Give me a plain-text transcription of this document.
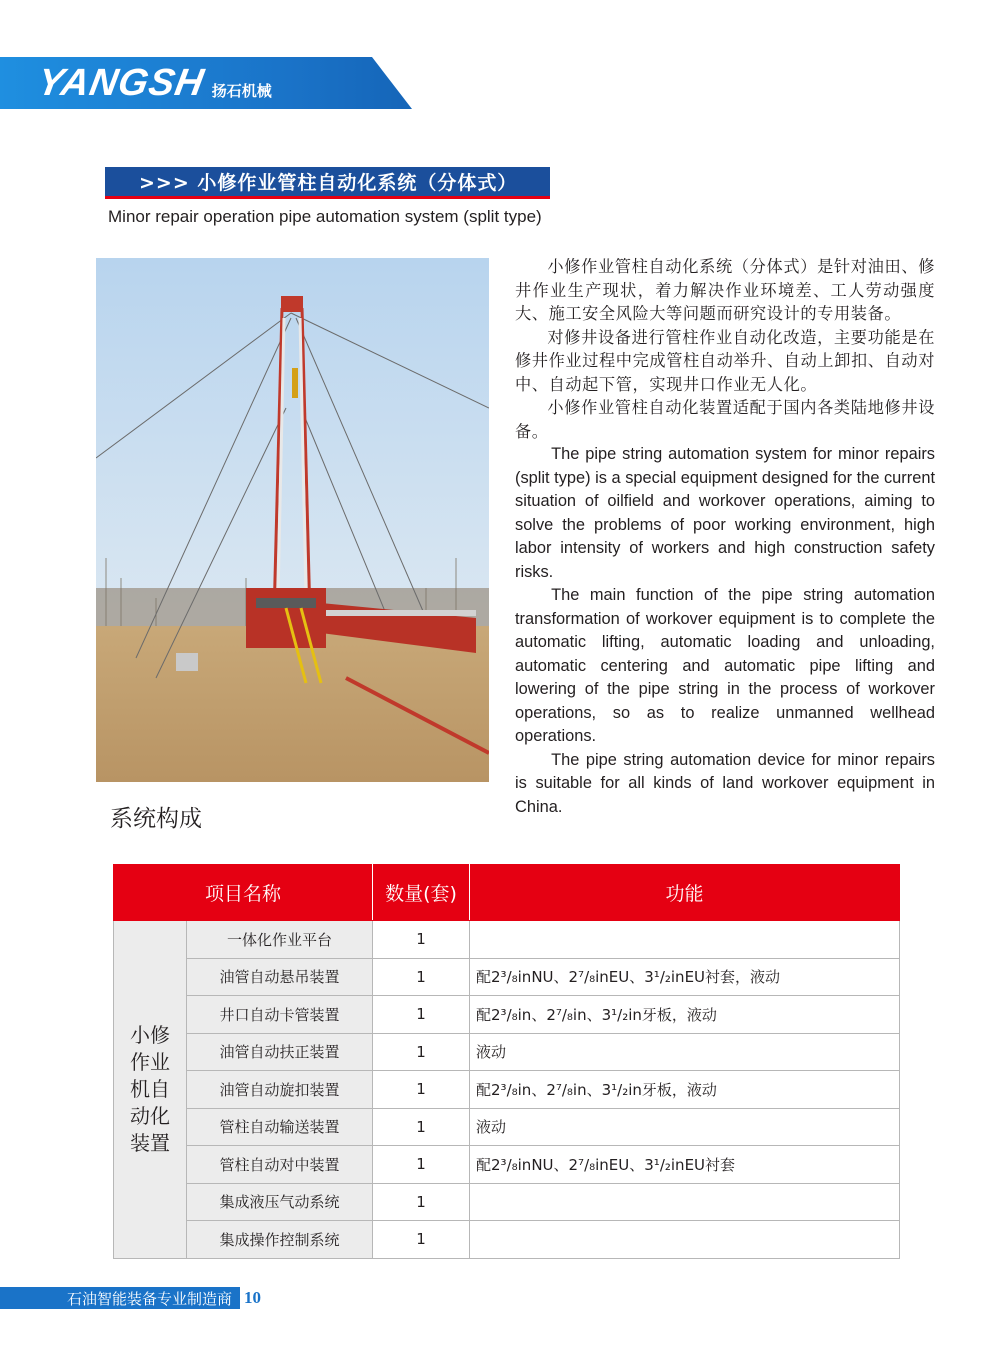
YANGSH 扬石机械
>>> 小修作业管柱自动化系统（分体式）
Minor repair operation pipe automation system (split type)
系统构成

小修作业管柱自动化系统（分体式）是针对油田、修井作业生产现状，着力解决作业环境差、工人劳动强度大、施工安全风险大等问题而研究设计的专用装备。

对修井设备进行管柱作业自动化改造，主要功能是在修井作业过程中完成管柱自动举升、自动上卸扣、自动对中、自动起下管，实现井口作业无人化。

小修作业管柱自动化装置适配于国内各类陆地修井设备。

The pipe string automation system for minor repairs (split type) is a special equipment designed for the current situation of oilfield and workover operations, aiming to solve the problems of poor working environment, high labor intensity of workers and high construction safety risks.

The main function of the pipe string automation transformation of workover equipment is to complete the automatic lifting, automatic loading and unloading, automatic centering and automatic pipe lifting and lowering of the pipe string in the process of workover operations, so as to realize unmanned wellhead operations.

The pipe string automation device for minor repairs is suitable for all kinds of land workover equipment in China.

项目名称		数量(套)	功能
小修作业机自动化装置	一体化作业平台	1	
	油管自动悬吊装置	1	配2³/₈inNU、2⁷/₈inEU、3¹/₂inEU衬套，液动
	井口自动卡管装置	1	配2³/₈in、2⁷/₈in、3¹/₂in牙板，液动
	油管自动扶正装置	1	液动
	油管自动旋扣装置	1	配2³/₈in、2⁷/₈in、3¹/₂in牙板，液动
	管柱自动输送装置	1	液动
	管柱自动对中装置	1	配2³/₈inNU、2⁷/₈inEU、3¹/₂inEU衬套
	集成液压气动系统	1	
	集成操作控制系统	1	
石油智能装备专业制造商 10
